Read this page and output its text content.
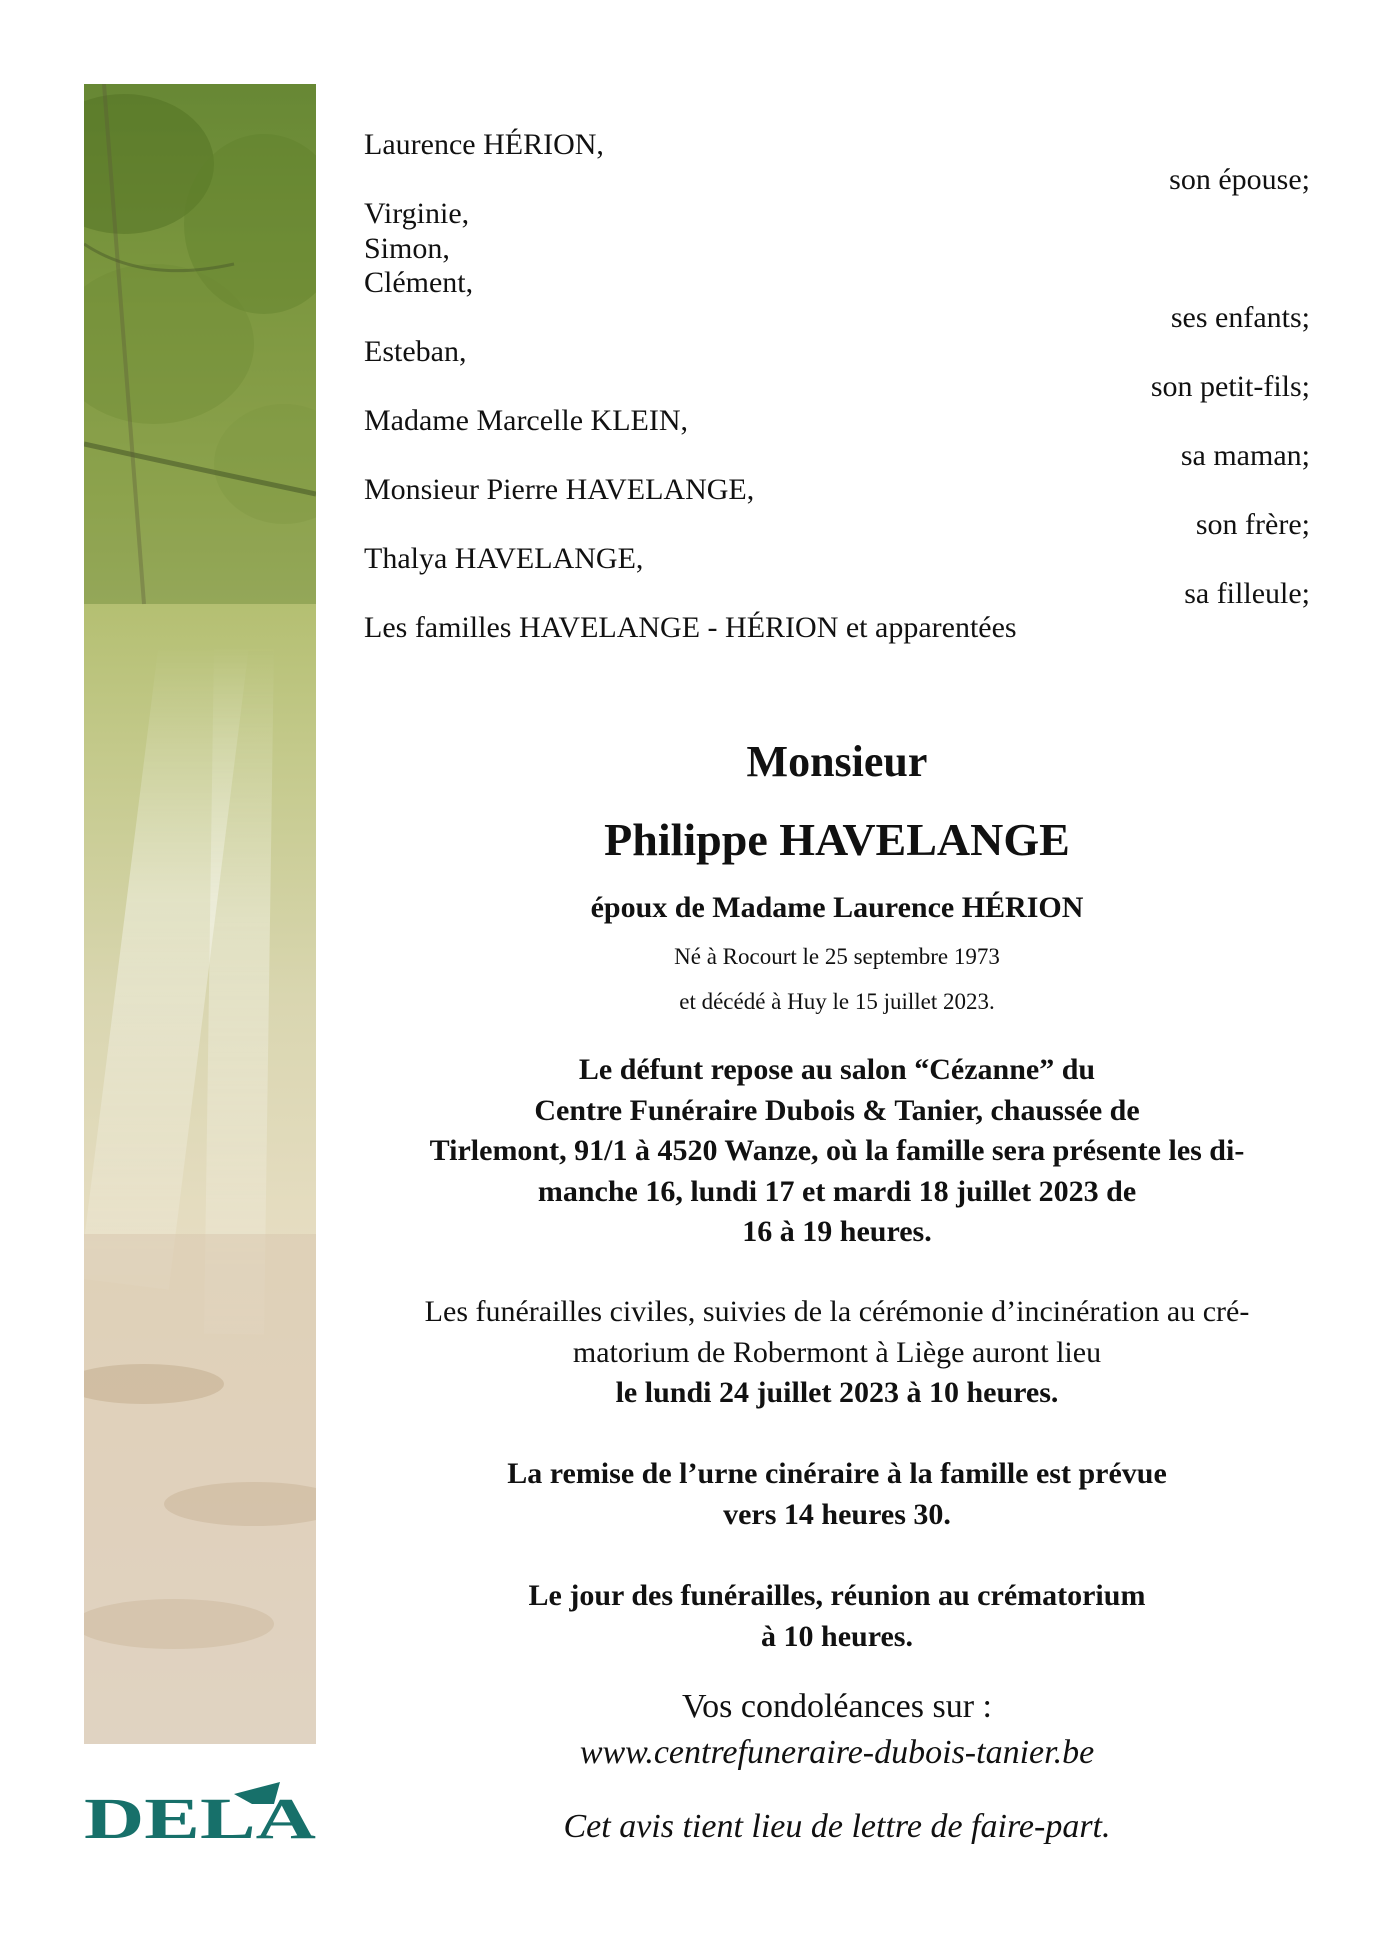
DELA
Laurence HÉRION,
son épouse;
Virginie,
Simon,
Clément,
ses enfants;
Esteban,
son petit-fils;
Madame Marcelle KLEIN,
sa maman;
Monsieur Pierre HAVELANGE,
son frère;
Thalya HAVELANGE,
sa filleule;
Les familles HAVELANGE - HÉRION et apparentées
Monsieur
Philippe HAVELANGE
époux de Madame Laurence HÉRION
Né à Rocourt le 25 septembre 1973
et décédé à Huy le 15 juillet 2023.
Le défunt repose au salon “Cézanne” du
Centre Funéraire Dubois & Tanier, chaussée de
Tirlemont, 91/1 à 4520 Wanze, où la famille sera présente les di-
manche 16, lundi 17 et mardi 18 juillet 2023 de
16 à 19 heures.
Les funérailles civiles, suivies de la cérémonie d’incinération au cré-
matorium de Robermont à Liège auront lieu
le lundi 24 juillet 2023 à 10 heures.
La remise de l’urne cinéraire à la famille est prévue
vers 14 heures 30.
Le jour des funérailles, réunion au crématorium
à 10 heures.
Vos condoléances sur :
www.centrefuneraire-dubois-tanier.be
Cet avis tient lieu de lettre de faire-part.
